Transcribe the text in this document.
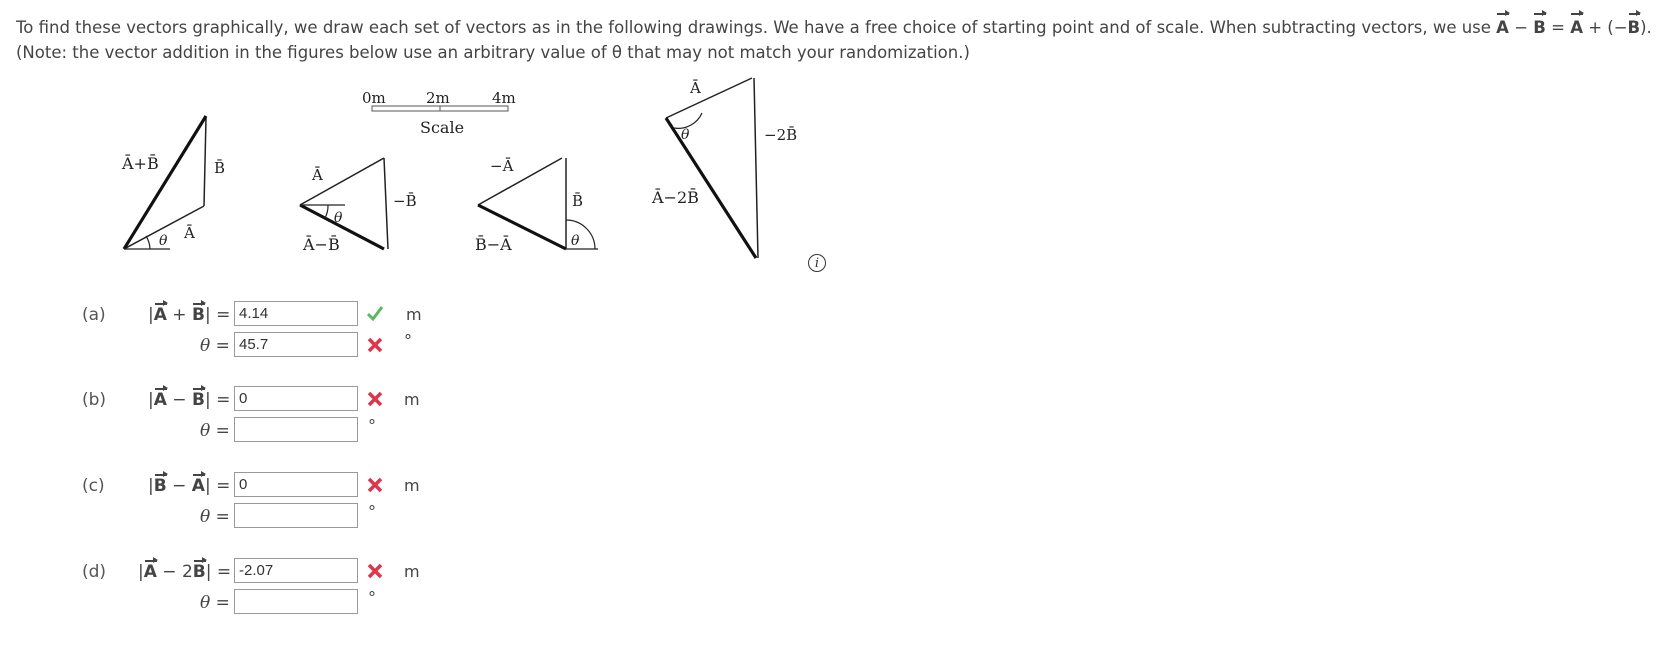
To find these vectors graphically, we draw each set of vectors as in the following drawings. We have a free choice of starting point and of scale. When subtracting vectors, we use A − B = A + (−B).

(Note: the vector addition in the figures below use an arbitrary value of θ that may not match your randomization.)

0m	2m	4m
Scale
Ā+B̄	B̄
Ā
θ
Ā
−B̄
Ā−B̄
θ
−Ā
B̄
B̄−Ā	θ
Ā
−2B̄
Ā−2B̄
θ
i
(a) |A + B| = 4.14	m
θ = 45.7	°
(b) |A − B| = 0	m
θ =	°
(c)	|B − A| = 0	m
θ =	°
(d) |A − 2B| = -2.07	m
θ =	°
